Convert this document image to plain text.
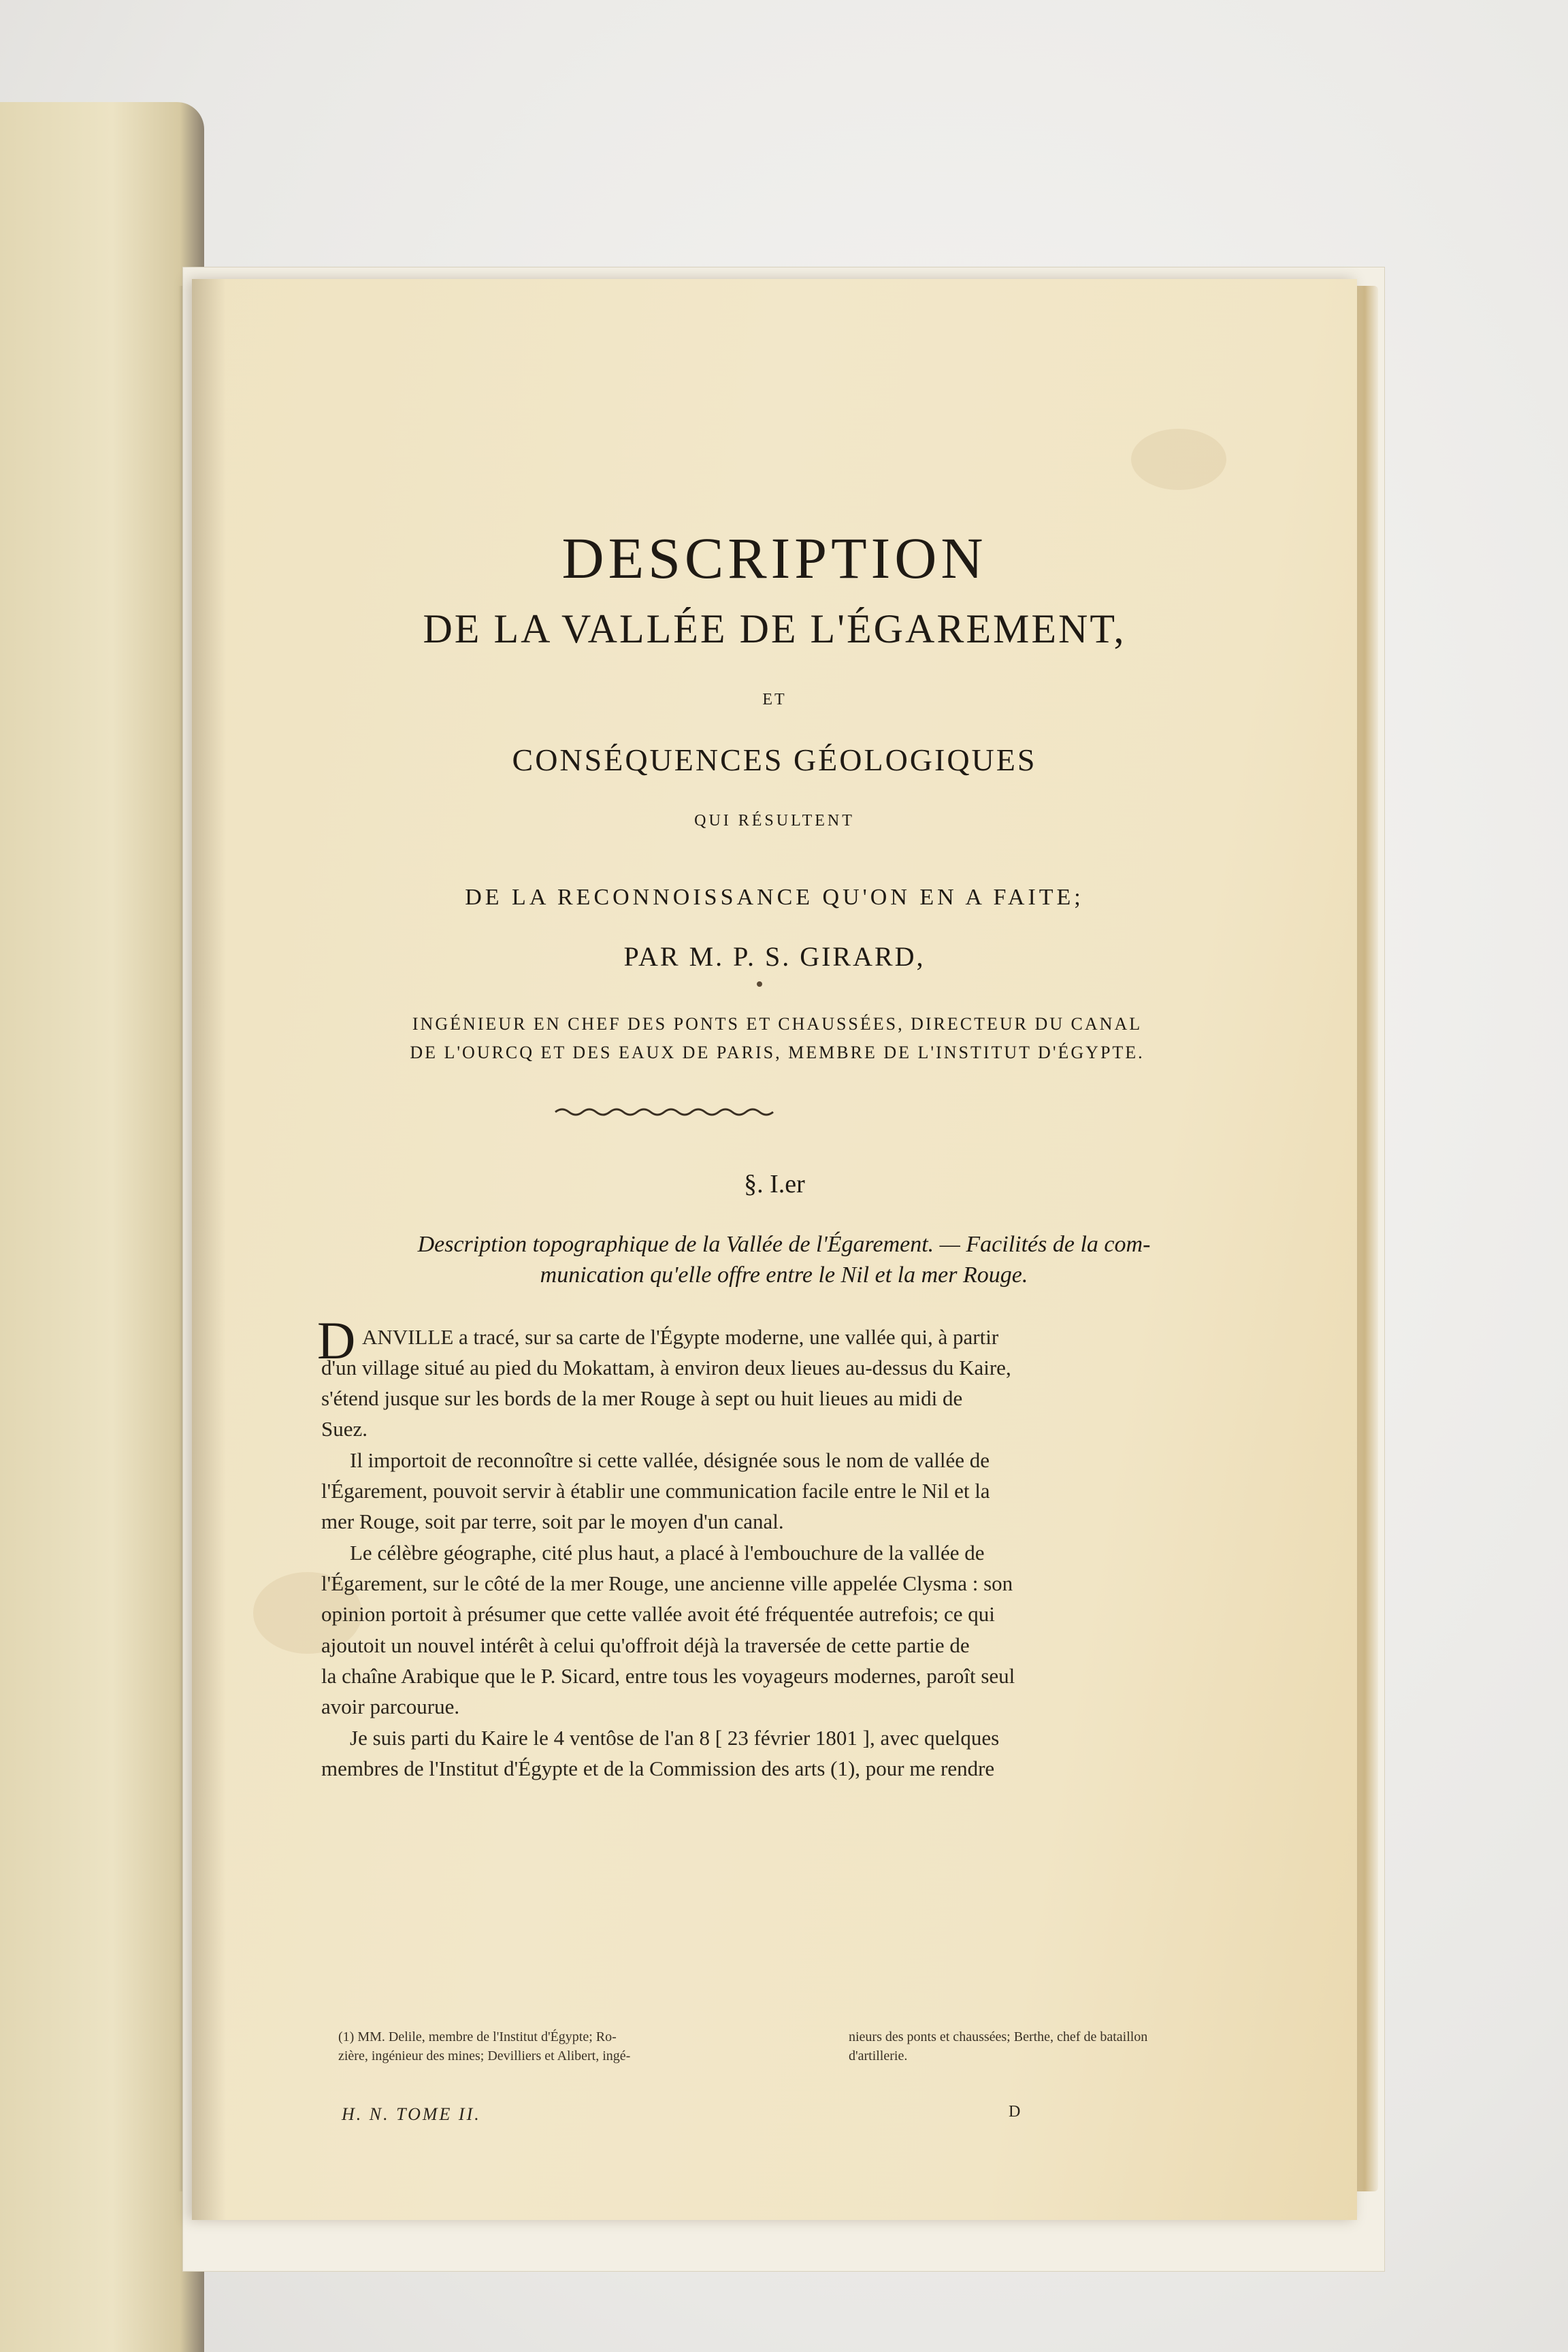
DESCRIPTION
DE LA VALLÉE DE L'ÉGAREMENT,
ET
CONSÉQUENCES GÉOLOGIQUES
QUI RÉSULTENT
DE LA RECONNOISSANCE QU'ON EN A FAITE;
PAR M. P. S. GIRARD,
INGÉNIEUR EN CHEF DES PONTS ET CHAUSSÉES, DIRECTEUR DU CANAL
DE L'OURCQ ET DES EAUX DE PARIS, MEMBRE DE L'INSTITUT D'ÉGYPTE.
§. I.er
Description topographique de la Vallée de l'Égarement. — Facilités de la com-
munication qu'elle offre entre le Nil et la mer Rouge.
D ANVILLE a tracé, sur sa carte de l'Égypte moderne, une vallée qui, à partir
d'un village situé au pied du Mokattam, à environ deux lieues au-dessus du Kaire,
s'étend jusque sur les bords de la mer Rouge à sept ou huit lieues au midi de
Suez.
Il importoit de reconnoître si cette vallée, désignée sous le nom de vallée de
l'Égarement, pouvoit servir à établir une communication facile entre le Nil et la
mer Rouge, soit par terre, soit par le moyen d'un canal.
Le célèbre géographe, cité plus haut, a placé à l'embouchure de la vallée de
l'Égarement, sur le côté de la mer Rouge, une ancienne ville appelée Clysma : son
opinion portoit à présumer que cette vallée avoit été fréquentée autrefois; ce qui
ajoutoit un nouvel intérêt à celui qu'offroit déjà la traversée de cette partie de
la chaîne Arabique que le P. Sicard, entre tous les voyageurs modernes, paroît seul
avoir parcourue.
Je suis parti du Kaire le 4 ventôse de l'an 8 [ 23 février 1801 ], avec quelques
membres de l'Institut d'Égypte et de la Commission des arts (1), pour me rendre
(1) MM. Delile, membre de l'Institut d'Égypte; Ro-
zière, ingénieur des mines; Devilliers et Alibert, ingé-
nieurs des ponts et chaussées; Berthe, chef de bataillon
d'artillerie.
H. N. TOME II.	D
